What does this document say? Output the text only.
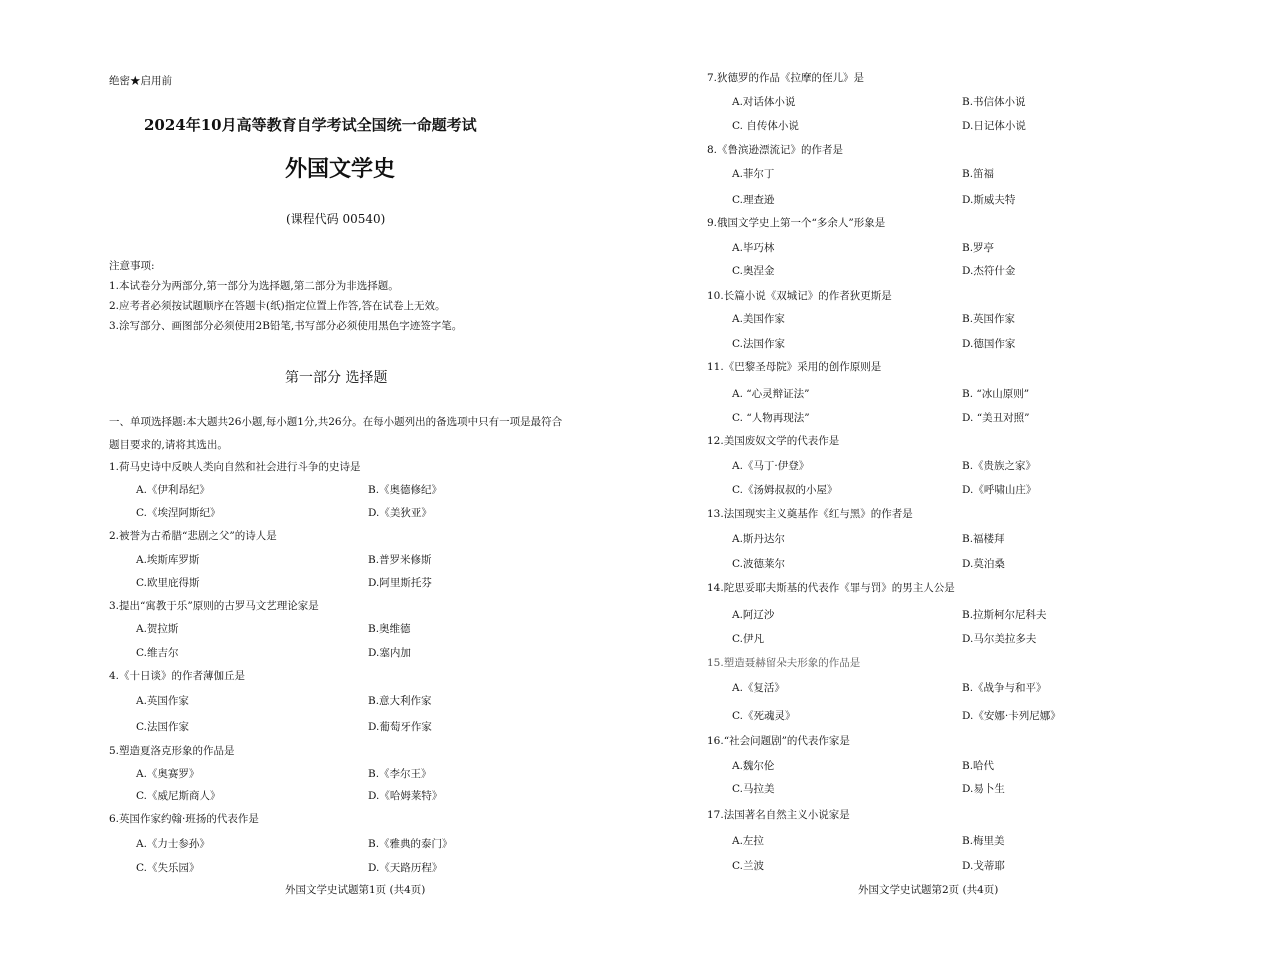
绝密★启用前
2024年10月高等教育自学考试全国统一命题考试
外国文学史
(课程代码 00540)
注意事项:
1.本试卷分为两部分,第一部分为选择题,第二部分为非选择题。
2.应考者必须按试题顺序在答题卡(纸)指定位置上作答,答在试卷上无效。
3.涂写部分、画图部分必须使用2B铅笔,书写部分必须使用黑色字迹签字笔。
第一部分 选择题
一、单项选择题:本大题共26小题,每小题1分,共26分。在每小题列出的备选项中只有一项是最符合
题目要求的,请将其选出。
1.荷马史诗中反映人类向自然和社会进行斗争的史诗是
A.《伊利昂纪》	B.《奥德修纪》
C.《埃涅阿斯纪》	D.《美狄亚》
2.被誉为古希腊“悲剧之父”的诗人是
A.埃斯库罗斯	B.普罗米修斯
C.欧里庇得斯	D.阿里斯托芬
3.提出“寓教于乐”原则的古罗马文艺理论家是
A.贺拉斯	B.奥维德
C.维吉尔	D.塞内加
4.《十日谈》的作者薄伽丘是
A.英国作家	B.意大利作家
C.法国作家	D.葡萄牙作家
5.塑造夏洛克形象的作品是
A.《奥赛罗》	B.《李尔王》
C.《威尼斯商人》	D.《哈姆莱特》
6.英国作家约翰·班扬的代表作是
A.《力士参孙》	B.《雅典的泰门》
C.《失乐园》	D.《天路历程》
外国文学史试题第1页 (共4页)
7.狄德罗的作品《拉摩的侄儿》是
A.对话体小说	B.书信体小说
C. 自传体小说	D.日记体小说
8.《鲁滨逊漂流记》的作者是
A.菲尔丁	B.笛福
C.理查逊	D.斯威夫特
9.俄国文学史上第一个“多余人”形象是
A.毕巧林	B.罗亭
C.奥涅金	D.杰符什金
10.长篇小说《双城记》的作者狄更斯是
A.美国作家	B.英国作家
C.法国作家	D.德国作家
11.《巴黎圣母院》采用的创作原则是
A. “心灵辩证法”	B. “冰山原则”
C. “人物再现法”	D. “美丑对照”
12.美国废奴文学的代表作是
A.《马丁·伊登》	B.《贵族之家》
C.《汤姆叔叔的小屋》	D.《呼啸山庄》
13.法国现实主义奠基作《红与黑》的作者是
A.斯丹达尔	B.福楼拜
C.波德莱尔	D.莫泊桑
14.陀思妥耶夫斯基的代表作《罪与罚》的男主人公是
A.阿辽沙	B.拉斯柯尔尼科夫
C.伊凡	D.马尔美拉多夫
15.塑造聂赫留朵夫形象的作品是
A.《复活》	B.《战争与和平》
C.《死魂灵》	D.《安娜·卡列尼娜》
16.“社会问题剧”的代表作家是
A.魏尔伦	B.哈代
C.马拉美	D.易卜生
17.法国著名自然主义小说家是
A.左拉	B.梅里美
C.兰波	D.戈蒂耶
外国文学史试题第2页 (共4页)
